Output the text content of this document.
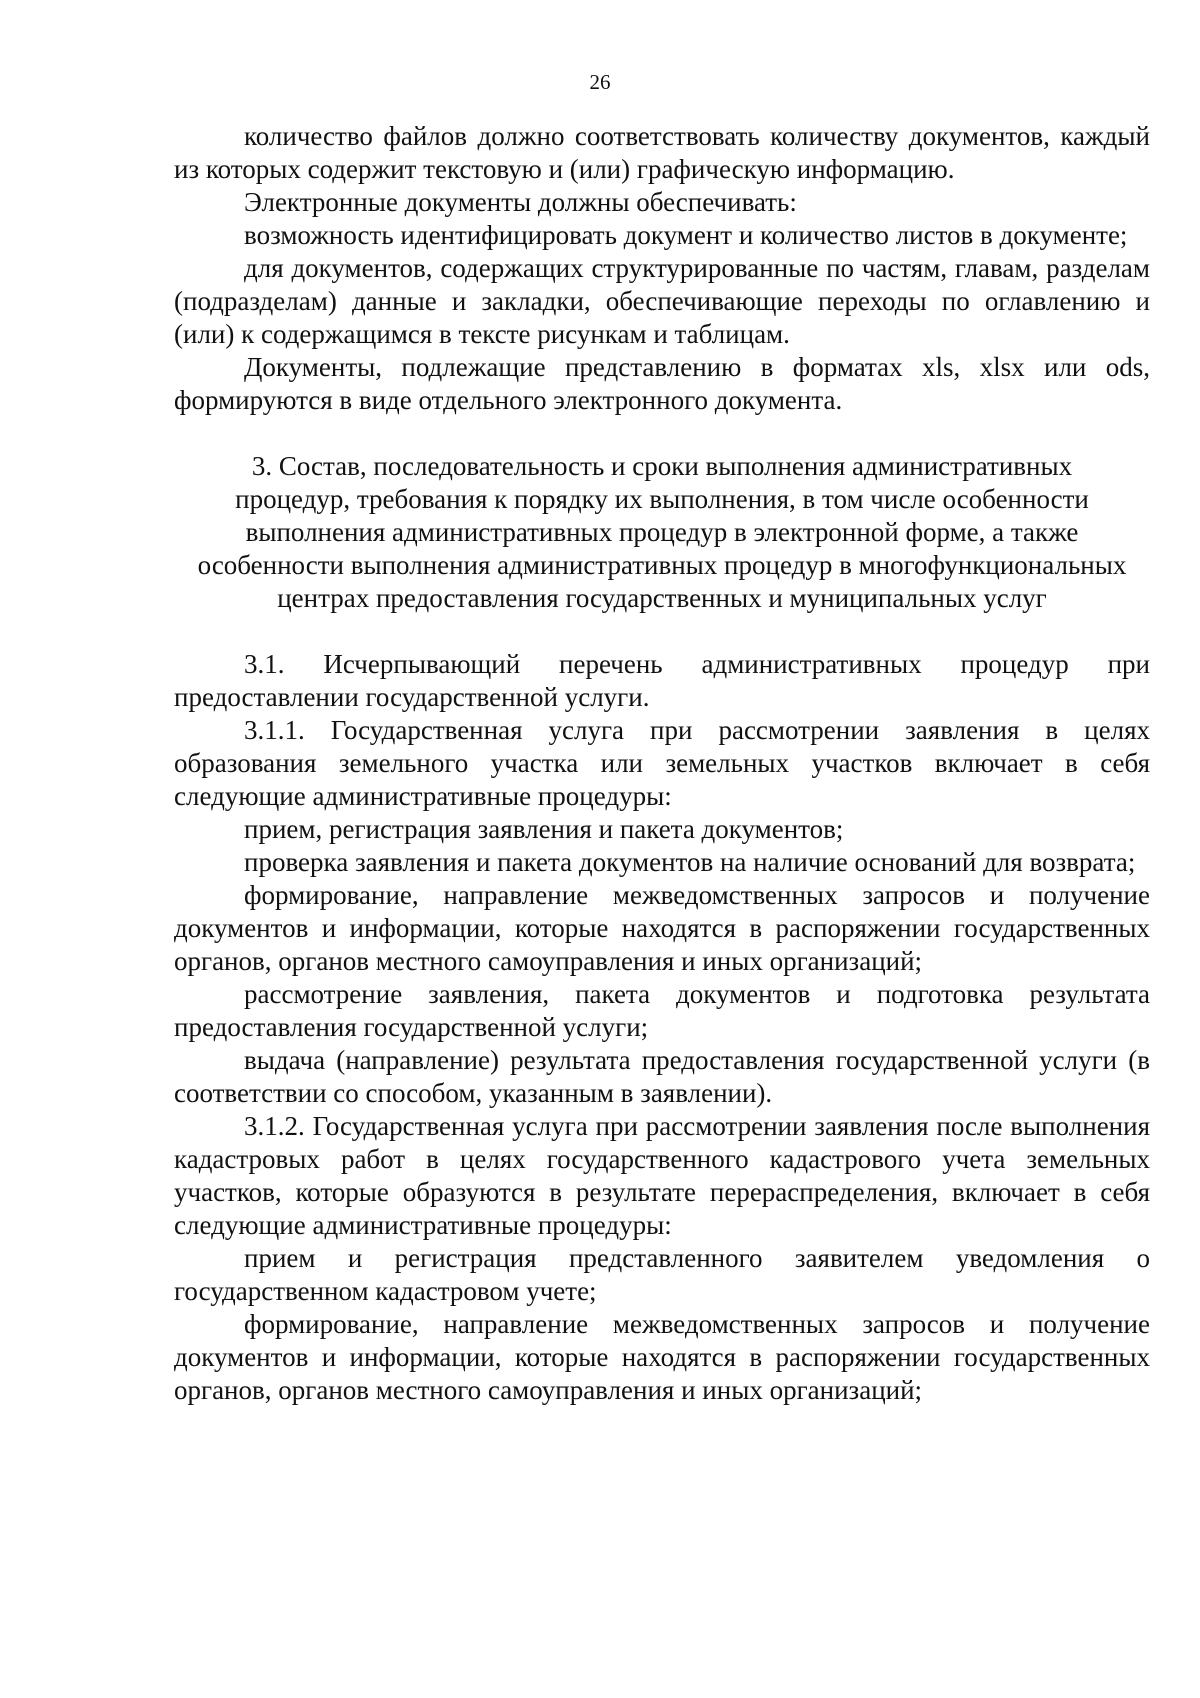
26

количество файлов должно соответствовать количеству документов, каждый из которых содержит текстовую и (или) графическую информацию.

Электронные документы должны обеспечивать:

возможность идентифицировать документ и количество листов в документе;

для документов, содержащих структурированные по частям, главам, разделам (подразделам) данные и закладки, обеспечивающие переходы по оглавлению и (или) к содержащимся в тексте рисункам и таблицам.

Документы, подлежащие представлению в форматах xls, xlsx или ods, формируются в виде отдельного электронного документа.

3. Состав, последовательность и сроки выполнения административных

процедур, требования к порядку их выполнения, в том числе особенности

выполнения административных процедур в электронной форме, а также

особенности выполнения административных процедур в многофункциональных

центрах предоставления государственных и муниципальных услуг

3.1. Исчерпывающий перечень административных процедур при предоставлении государственной услуги.

3.1.1. Государственная услуга при рассмотрении заявления в целях образования земельного участка или земельных участков включает в себя следующие административные процедуры:

прием, регистрация заявления и пакета документов;

проверка заявления и пакета документов на наличие оснований для возврата;

формирование, направление межведомственных запросов и получение документов и информации, которые находятся в распоряжении государственных органов, органов местного самоуправления и иных организаций;

рассмотрение заявления, пакета документов и подготовка результата предоставления государственной услуги;

выдача (направление) результата предоставления государственной услуги (в соответствии со способом, указанным в заявлении).

3.1.2. Государственная услуга при рассмотрении заявления после выполнения кадастровых работ в целях государственного кадастрового учета земельных участков, которые образуются в результате перераспределения, включает в себя следующие административные процедуры:

прием и регистрация представленного заявителем уведомления о государственном кадастровом учете;

формирование, направление межведомственных запросов и получение документов и информации, которые находятся в распоряжении государственных органов, органов местного самоуправления и иных организаций;
